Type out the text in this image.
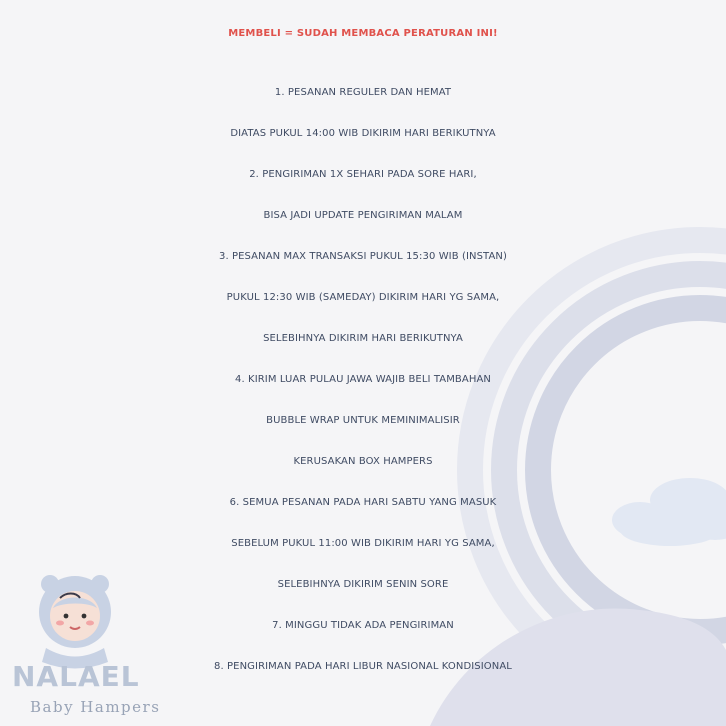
NALAEL
Baby Hampers
MEMBELI = SUDAH MEMBACA PERATURAN INI!
1. PESANAN REGULER DAN HEMAT
DIATAS PUKUL 14:00 WIB DIKIRIM HARI BERIKUTNYA
2. PENGIRIMAN 1X SEHARI PADA SORE HARI,
BISA JADI UPDATE PENGIRIMAN MALAM
3. PESANAN MAX TRANSAKSI PUKUL 15:30 WIB (INSTAN)
PUKUL 12:30 WIB (SAMEDAY) DIKIRIM HARI YG SAMA,
SELEBIHNYA DIKIRIM HARI BERIKUTNYA
4. KIRIM LUAR PULAU JAWA WAJIB BELI TAMBAHAN
BUBBLE WRAP UNTUK MEMINIMALISIR
KERUSAKAN BOX HAMPERS
6. SEMUA PESANAN PADA HARI SABTU YANG MASUK
SEBELUM PUKUL 11:00 WIB DIKIRIM HARI YG SAMA,
SELEBIHNYA DIKIRIM SENIN SORE
7. MINGGU TIDAK ADA PENGIRIMAN
8. PENGIRIMAN PADA HARI LIBUR NASIONAL KONDISIONAL
